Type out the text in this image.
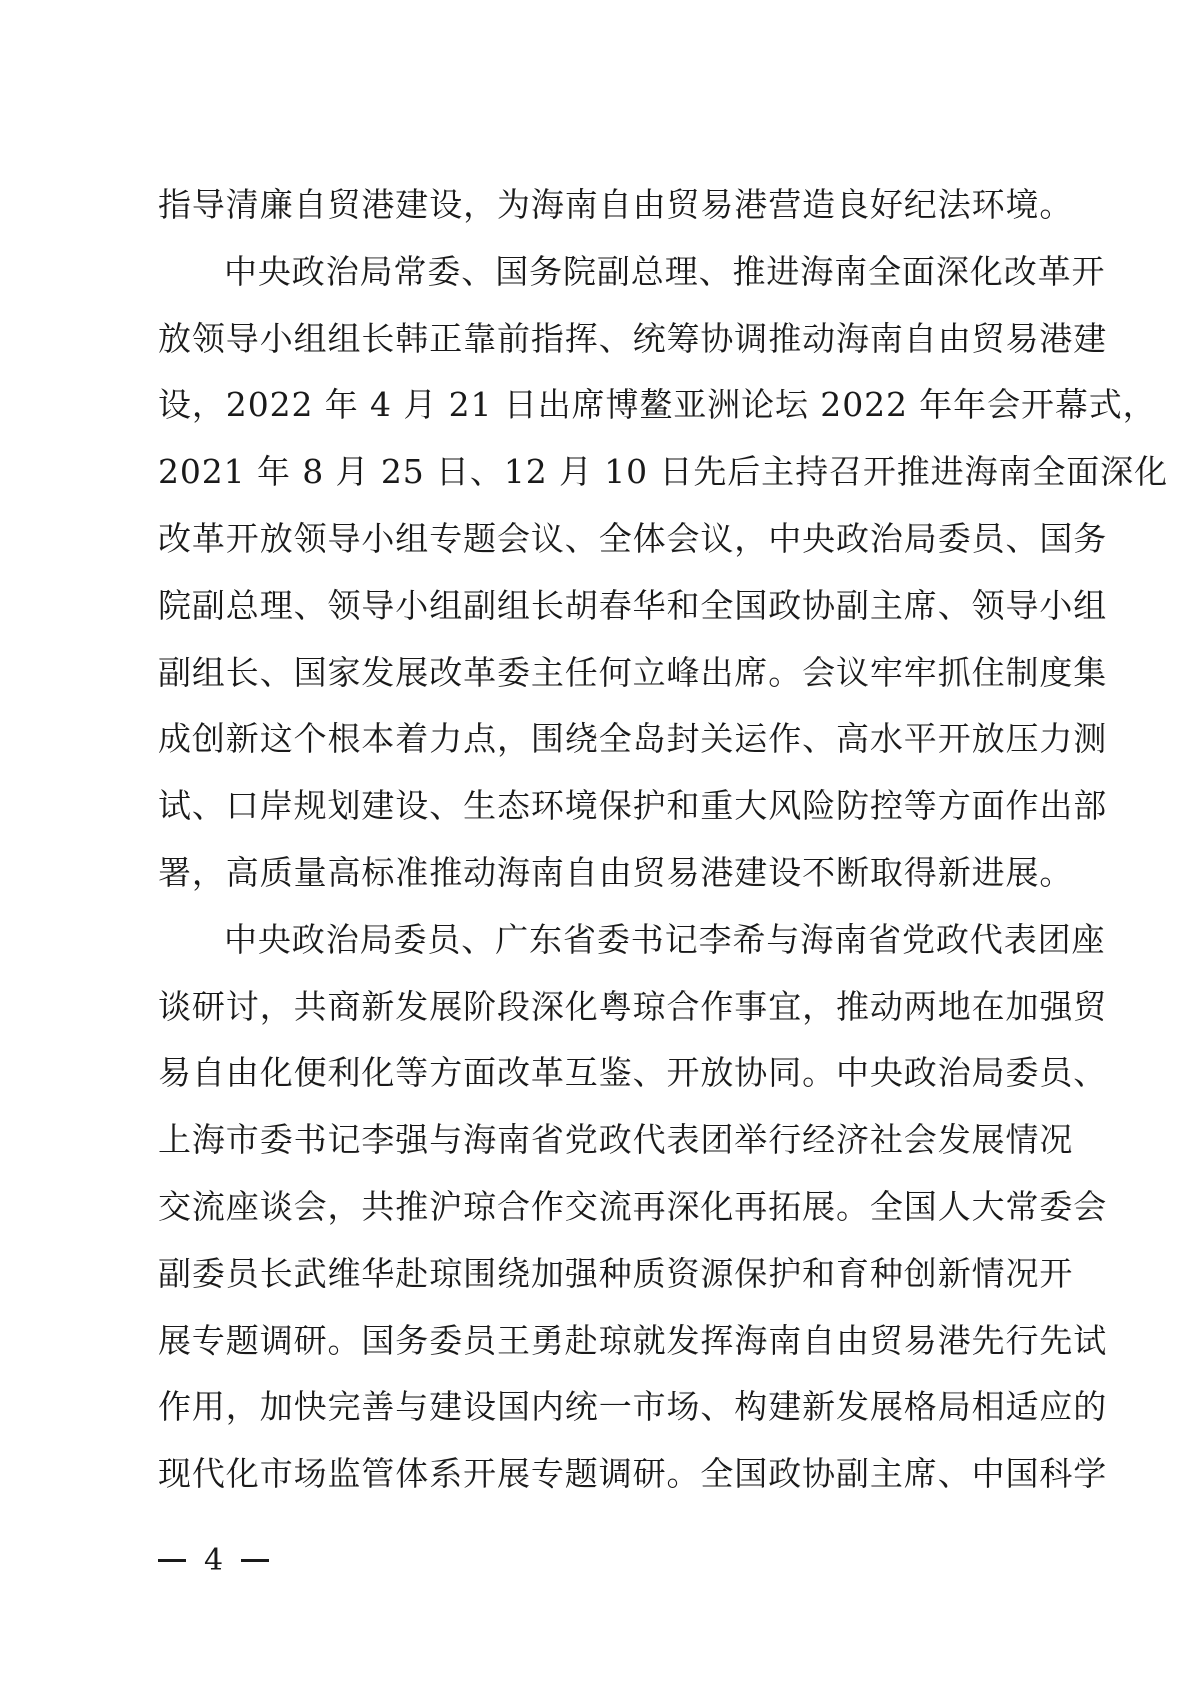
指导清廉自贸港建设，为海南自由贸易港营造良好纪法环境。
中央政治局常委、国务院副总理、推进海南全面深化改革开
放领导小组组长韩正靠前指挥、统筹协调推动海南自由贸易港建
设，2022 年 4 月 21 日出席博鳌亚洲论坛 2022 年年会开幕式，
2021 年 8 月 25 日、12 月 10 日先后主持召开推进海南全面深化
改革开放领导小组专题会议、全体会议，中央政治局委员、国务
院副总理、领导小组副组长胡春华和全国政协副主席、领导小组
副组长、国家发展改革委主任何立峰出席。会议牢牢抓住制度集
成创新这个根本着力点，围绕全岛封关运作、高水平开放压力测
试、口岸规划建设、生态环境保护和重大风险防控等方面作出部
署，高质量高标准推动海南自由贸易港建设不断取得新进展。
中央政治局委员、广东省委书记李希与海南省党政代表团座
谈研讨，共商新发展阶段深化粤琼合作事宜，推动两地在加强贸
易自由化便利化等方面改革互鉴、开放协同。中央政治局委员、
上海市委书记李强与海南省党政代表团举行经济社会发展情况
交流座谈会，共推沪琼合作交流再深化再拓展。全国人大常委会
副委员长武维华赴琼围绕加强种质资源保护和育种创新情况开
展专题调研。国务委员王勇赴琼就发挥海南自由贸易港先行先试
作用，加快完善与建设国内统一市场、构建新发展格局相适应的
现代化市场监管体系开展专题调研。全国政协副主席、中国科学
4
